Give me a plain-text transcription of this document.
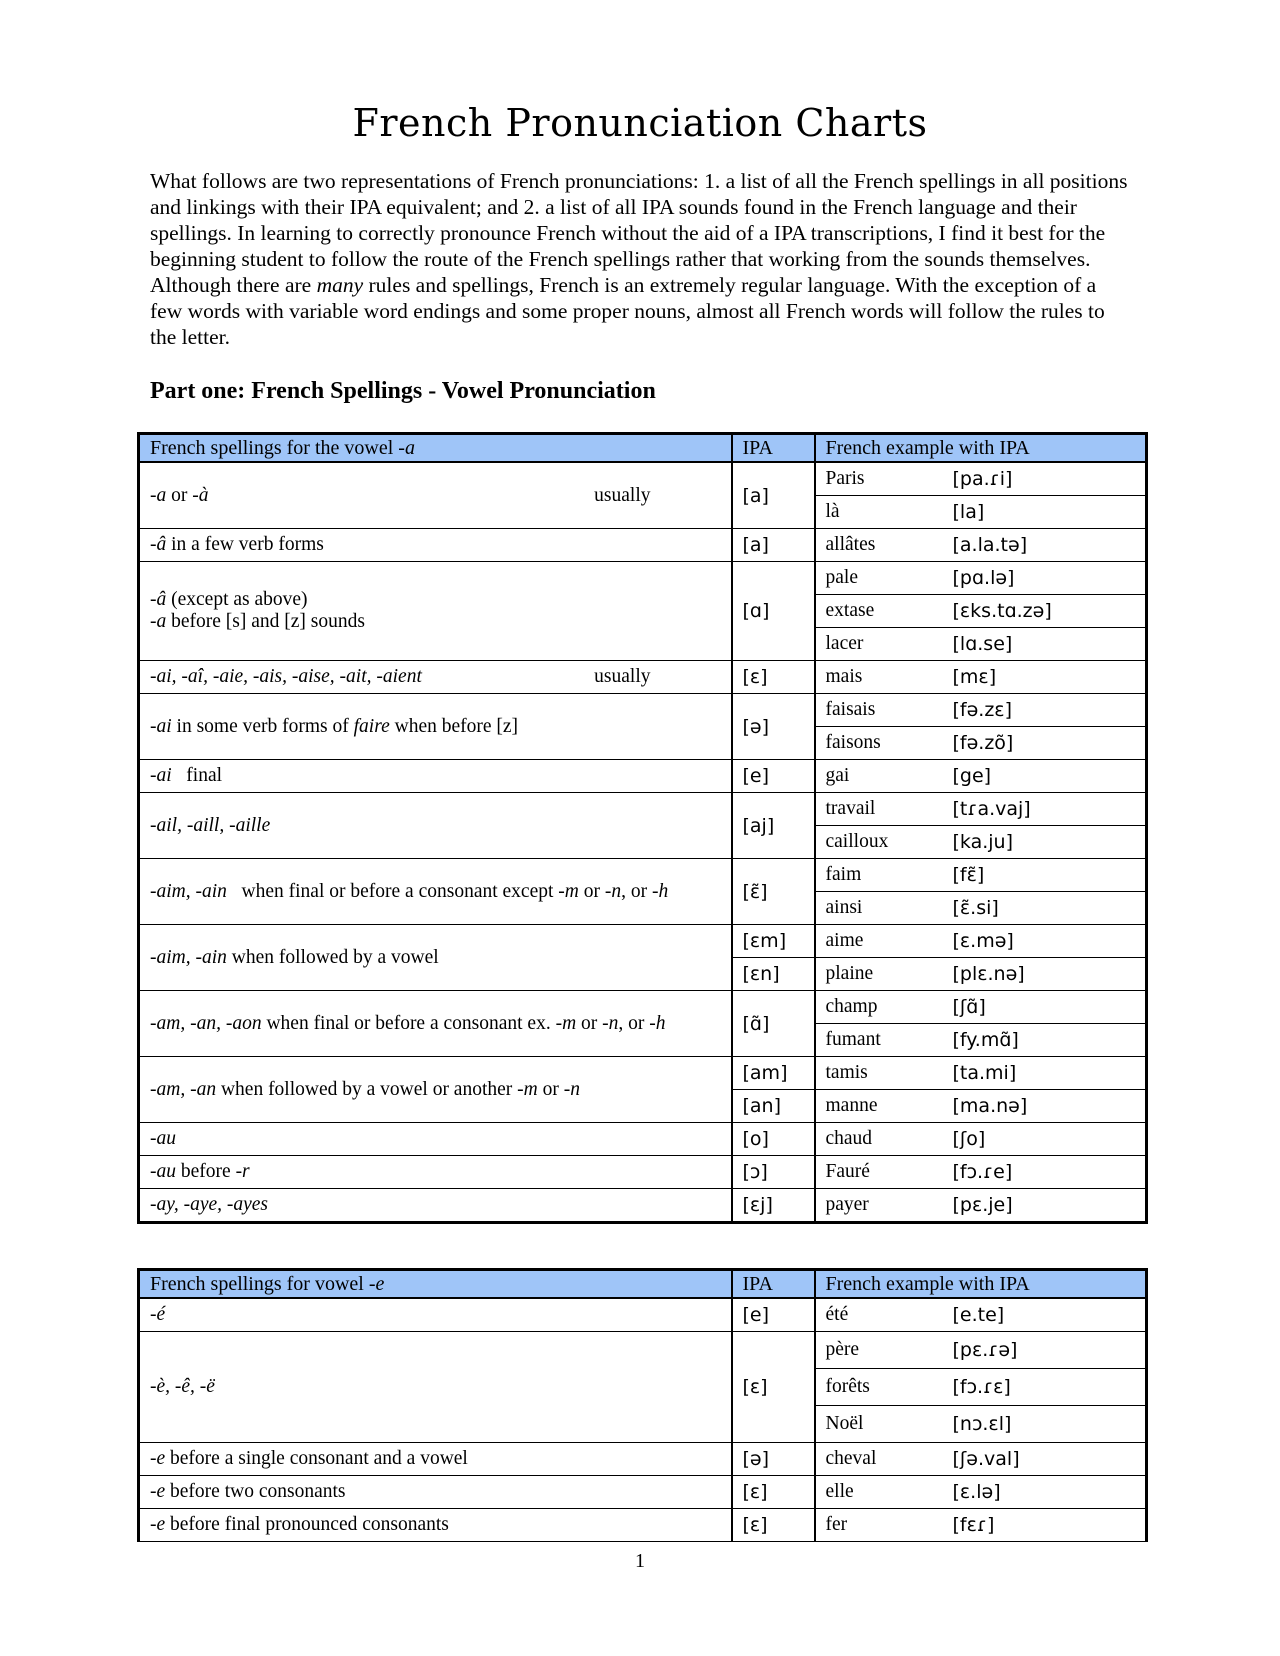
French Pronunciation Charts

What follows are two representations of French pronunciations: 1. a list of all the French spellings in all positions and linkings with their IPA equivalent; and 2. a list of all IPA sounds found in the French language and their spellings. In learning to correctly pronounce French without the aid of a IPA transcriptions, I find it best for the beginning student to follow the route of the French spellings rather that working from the sounds themselves. Although there are many rules and spellings, French is an extremely regular language. With the exception of a few words with variable word endings and some proper nouns, almost all French words will follow the rules to the letter.

Part one: French Spellings - Vowel Pronunciation
French spellings for the vowel -a	IPA	French example with IPA	

-a or -à usually	[a]	Paris	[pa.ɾi]
		là	[la]
-â in a few verb forms	[a]	allâtes	[a.la.tə]

-â (except as above)
-a before [s] and [z] sounds	[ɑ]	pale	[pɑ.lə]
		extase	[ɛks.tɑ.zə]
		lacer	[lɑ.se]

-ai, -aî, -aie, -ais, -aise, -ait, -aient usually	[ɛ]	mais	[mɛ]
-ai in some verb forms of faire when before [z]	[ə]	faisais	[fə.zɛ]
		faisons	[fə.zõ]
-ai   final	[e]	gai	[ge]
-ail, -aill, -aille	[aj]	travail	[tɾa.vaj]
		cailloux	[ka.ju]
-aim, -ain   when final or before a consonant except -m or -n, or -h	[ɛ̃]	faim	[fɛ̃]
		ainsi	[ɛ̃.si]
-aim, -ain when followed by a vowel	[ɛm]	aime	[ɛ.mə]
	[ɛn]	plaine	[plɛ.nə]
-am, -an, -aon when final or before a consonant ex. -m or -n, or -h	[ɑ̃]	champ	[ʃɑ̃]
		fumant	[fy.mɑ̃]
-am, -an when followed by a vowel or another -m or -n	[am]	tamis	[ta.mi]
	[an]	manne	[ma.nə]
-au	[o]	chaud	[ʃo]
-au before -r	[ɔ]	Fauré	[fɔ.ɾe]
-ay, -aye, -ayes	[ɛj]	payer	[pɛ.je]
French spellings for vowel -e	IPA	French example with IPA	
-é	[e]	été	[e.te]
-è, -ê, -ë	[ɛ]	père	[pɛ.ɾə]
		forêts	[fɔ.ɾɛ]
		Noël	[nɔ.ɛl]
-e before a single consonant and a vowel	[ə]	cheval	[ʃə.val]
-e before two consonants	[ɛ]	elle	[ɛ.lə]
-e before final pronounced consonants	[ɛ]	fer	[fɛɾ]
1
